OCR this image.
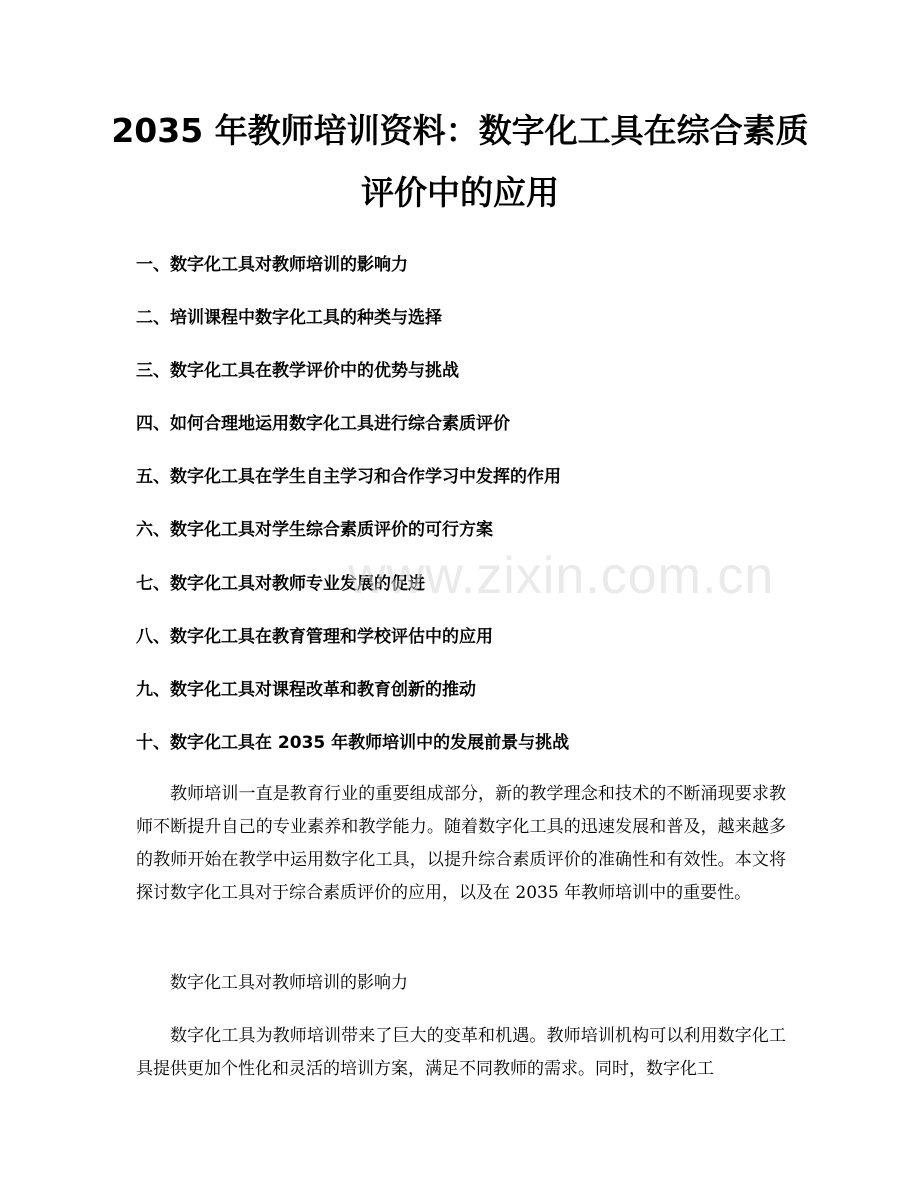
2035 年教师培训资料：数字化工具在综合素质评价中的应用
一、数字化工具对教师培训的影响力
二、培训课程中数字化工具的种类与选择
三、数字化工具在教学评价中的优势与挑战
四、如何合理地运用数字化工具进行综合素质评价
五、数字化工具在学生自主学习和合作学习中发挥的作用
六、数字化工具对学生综合素质评价的可行方案
七、数字化工具对教师专业发展的促进
八、数字化工具在教育管理和学校评估中的应用
九、数字化工具对课程改革和教育创新的推动
十、数字化工具在 2035 年教师培训中的发展前景与挑战

教师培训一直是教育行业的重要组成部分，新的教学理念和技术的不断涌现要求教师不断提升自己的专业素养和教学能力。随着数字化工具的迅速发展和普及，越来越多的教师开始在教学中运用数字化工具，以提升综合素质评价的准确性和有效性。本文将探讨数字化工具对于综合素质评价的应用，以及在 2035 年教师培训中的重要性。

数字化工具对教师培训的影响力

数字化工具为教师培训带来了巨大的变革和机遇。教师培训机构可以利用数字化工具提供更加个性化和灵活的培训方案，满足不同教师的需求。同时，数字化工

www.zixin.com.cn
